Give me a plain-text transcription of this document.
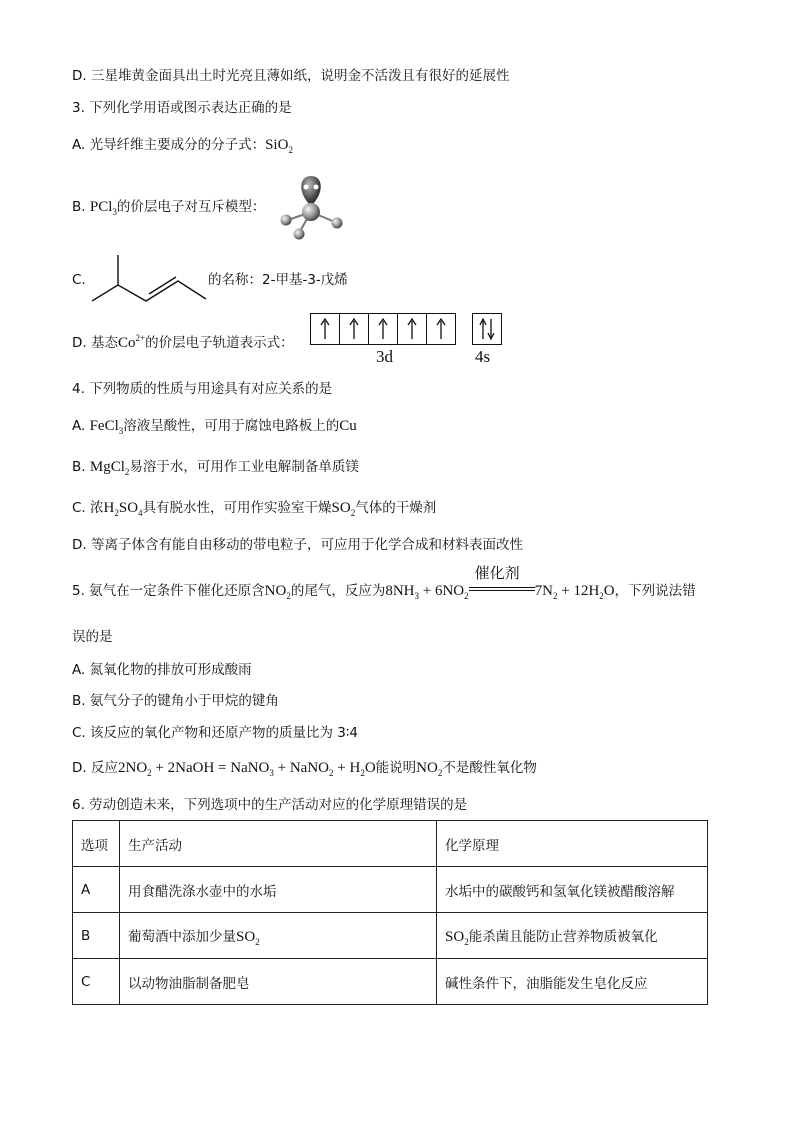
D. 三星堆黄金面具出土时光亮且薄如纸，说明金不活泼且有很好的延展性
3. 下列化学用语或图示表达正确的是
A. 光导纤维主要成分的分子式：SiO$_2$
B. PCl$_3$的价层电子对互斥模型：
C.	的名称：2-甲基-3-戊烯
D. 基态$Co^{2+}$的价层电子轨道表示式：
3d	4s
4. 下列物质的性质与用途具有对应关系的是
A. FeCl$_3$溶液呈酸性，可用于腐蚀电路板上的Cu
B. MgCl$_2$易溶于水，可用作工业电解制备单质镁
C. 浓$H_2SO_4$具有脱水性，可用作实验室干燥$SO_2$气体的干燥剂
D. 等离子体含有能自由移动的带电粒子，可应用于化学合成和材料表面改性
5. 氨气在一定条件下催化还原含$NO_2$的尾气，反应为$8NH_3 + 6NO_2$
催化剂
$7N_2 + 12H_2O$，下列说法错
误的是
A. 氮氧化物的排放可形成酸雨
B. 氨气分子的键角小于甲烷的键角
C. 该反应的氧化产物和还原产物的质量比为 3∶4
D. 反应$2NO_2$ + 2NaOH = NaNO$_3$ + NaNO$_2$ + $H_2O$能说明$NO_2$不是酸性氧化物
6. 劳动创造未来，下列选项中的生产活动对应的化学原理错误的是
选项	生产活动	化学原理
A	用食醋洗涤水壶中的水垢	水垢中的碳酸钙和氢氧化镁被醋酸溶解
B	葡萄酒中添加少量$SO_2$	$SO_2$能杀菌且能防止营养物质被氧化
C	以动物油脂制备肥皂	碱性条件下，油脂能发生皂化反应
